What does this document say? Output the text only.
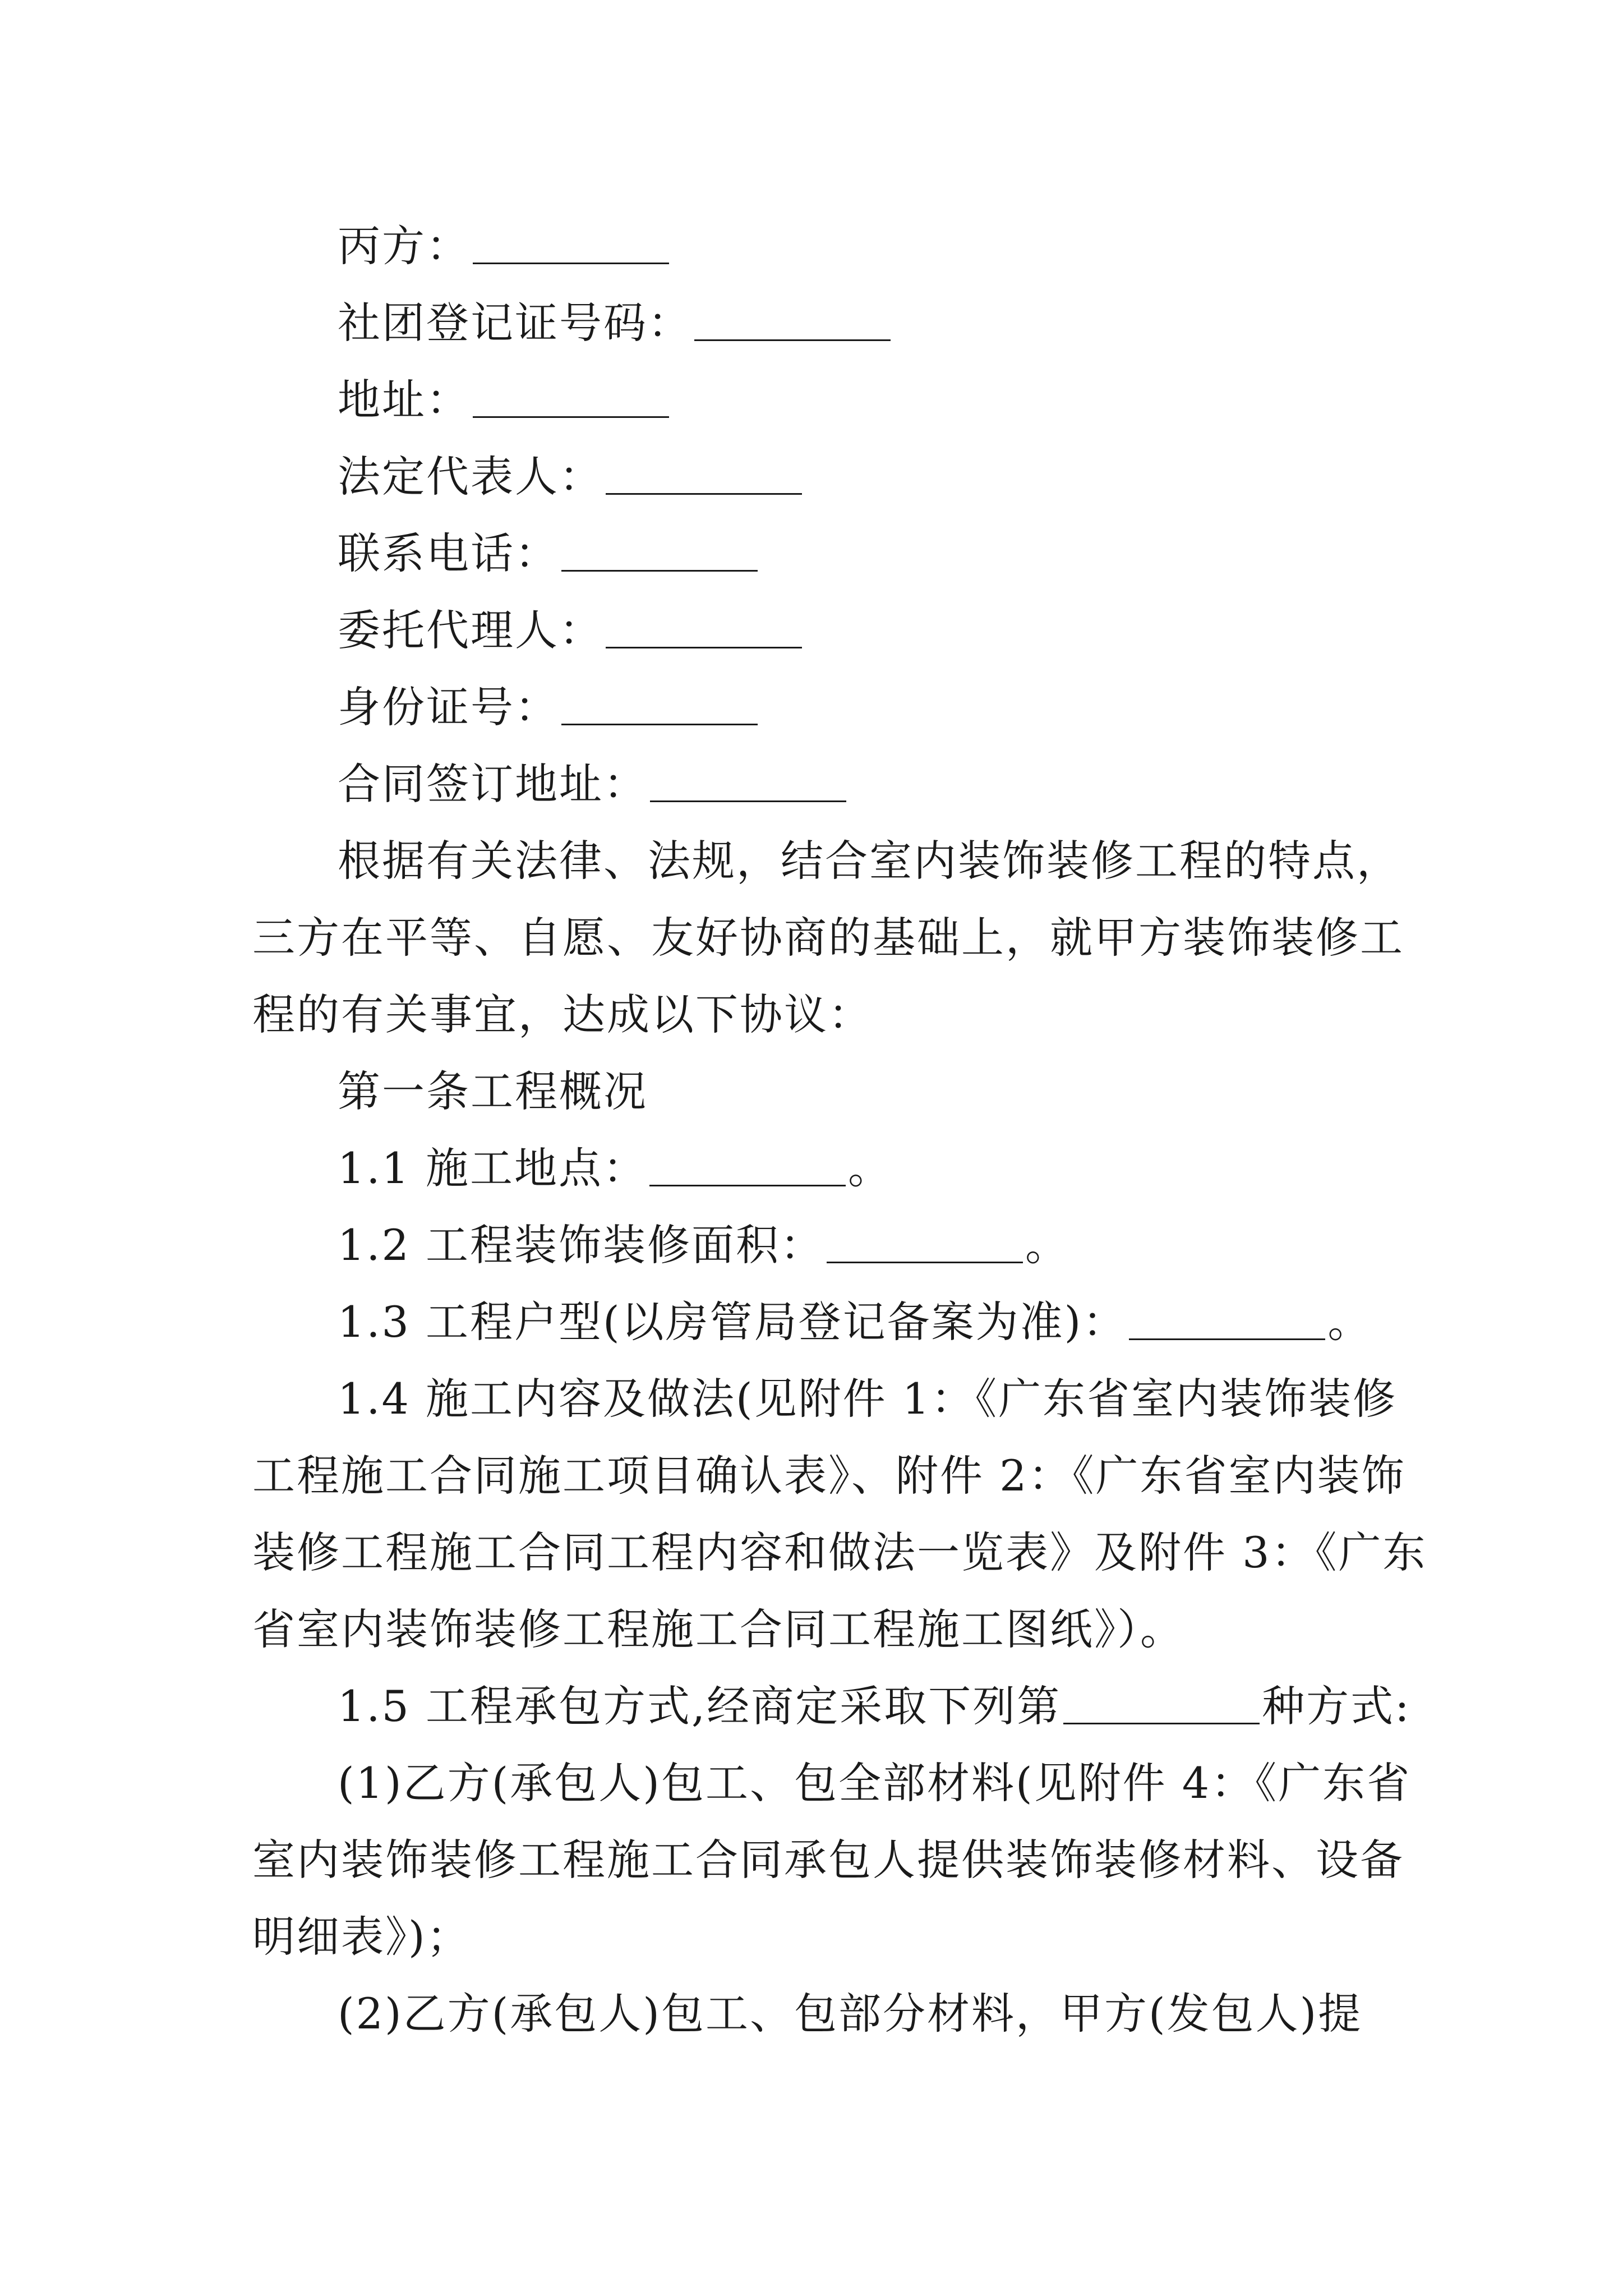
丙方：
社团登记证号码：
地址：
法定代表人：
联系电话：
委托代理人：
身份证号：
合同签订地址：
根据有关法律、法规，结合室内装饰装修工程的特点，
三方在平等、自愿、友好协商的基础上，就甲方装饰装修工
程的有关事宜，达成以下协议：
第一条工程概况
1.1 施工地点：	。
1.2 工程装饰装修面积：	。
1.3 工程户型(以房管局登记备案为准)：	。
1.4 施工内容及做法(见附件 1：《广东省室内装饰装修
工程施工合同施工项目确认表》、附件 2：《广东省室内装饰
装修工程施工合同工程内容和做法一览表》及附件 3：《广东
省室内装饰装修工程施工合同工程施工图纸》）。
1.5 工程承包方式,经商定采取下列第	种方式:
(1)乙方(承包人)包工、包全部材料(见附件 4：《广东省
室内装饰装修工程施工合同承包人提供装饰装修材料、设备
明细表》)；
(2)乙方(承包人)包工、包部分材料，甲方(发包人)提
